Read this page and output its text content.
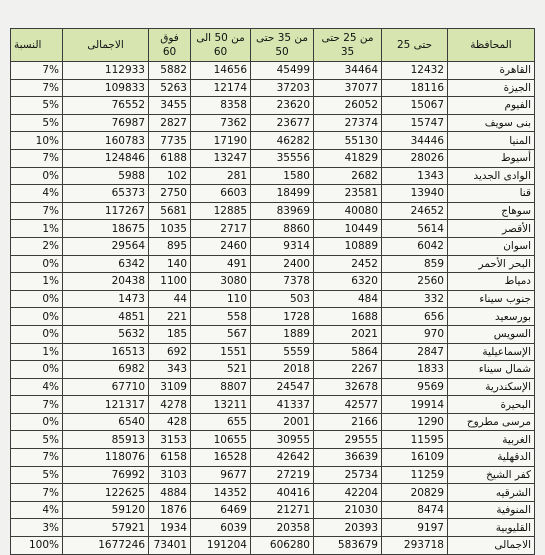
النسبة	الاجمالى	فوق 60	من 50 الى 60	من 35 حتى 50	من 25 حتى 35	حتى 25	المحافظة
7%	112933	5882	14656	45499	34464	12432	القاهرة
7%	109833	5263	12174	37203	37077	18116	الجيزة
5%	76552	3455	8358	23620	26052	15067	الفيوم
5%	76987	2827	7362	23677	27374	15747	بنى سويف
10%	160783	7735	17190	46282	55130	34446	المنيا
7%	124846	6188	13247	35556	41829	28026	أسيوط
0%	5988	102	281	1580	2682	1343	الوادى الجديد
4%	65373	2750	6603	18499	23581	13940	قنا
7%	117267	5681	12885	83969	40080	24652	سوهاج
1%	18675	1035	2717	8860	10449	5614	الأقصر
2%	29564	895	2460	9314	10889	6042	اسوان
0%	6342	140	491	2400	2452	859	البحر الأحمر
1%	20438	1100	3080	7378	6320	2560	دمياط
0%	1473	44	110	503	484	332	جنوب سيناء
0%	4851	221	558	1728	1688	656	بورسعيد
0%	5632	185	567	1889	2021	970	السويس
1%	16513	692	1551	5559	5864	2847	الإسماعيلية
0%	6982	343	521	2018	2267	1833	شمال سيناء
4%	67710	3109	8807	24547	32678	9569	الإسكندرية
7%	121317	4278	13211	41337	42577	19914	البحيرة
0%	6540	428	655	2001	2166	1290	مرسى مطروح
5%	85913	3153	10655	30955	29555	11595	الغربية
7%	118076	6158	16528	42642	36639	16109	الدقهلية
5%	76992	3103	9677	27219	25734	11259	كفر الشيخ
7%	122625	4884	14352	40416	42204	20829	الشرقيه
4%	59120	1876	6469	21271	21030	8474	المنوفية
3%	57921	1934	6039	20358	20393	9197	القليوبية
100%	1677246	73401	191204	606280	583679	293718	الاجمالى
